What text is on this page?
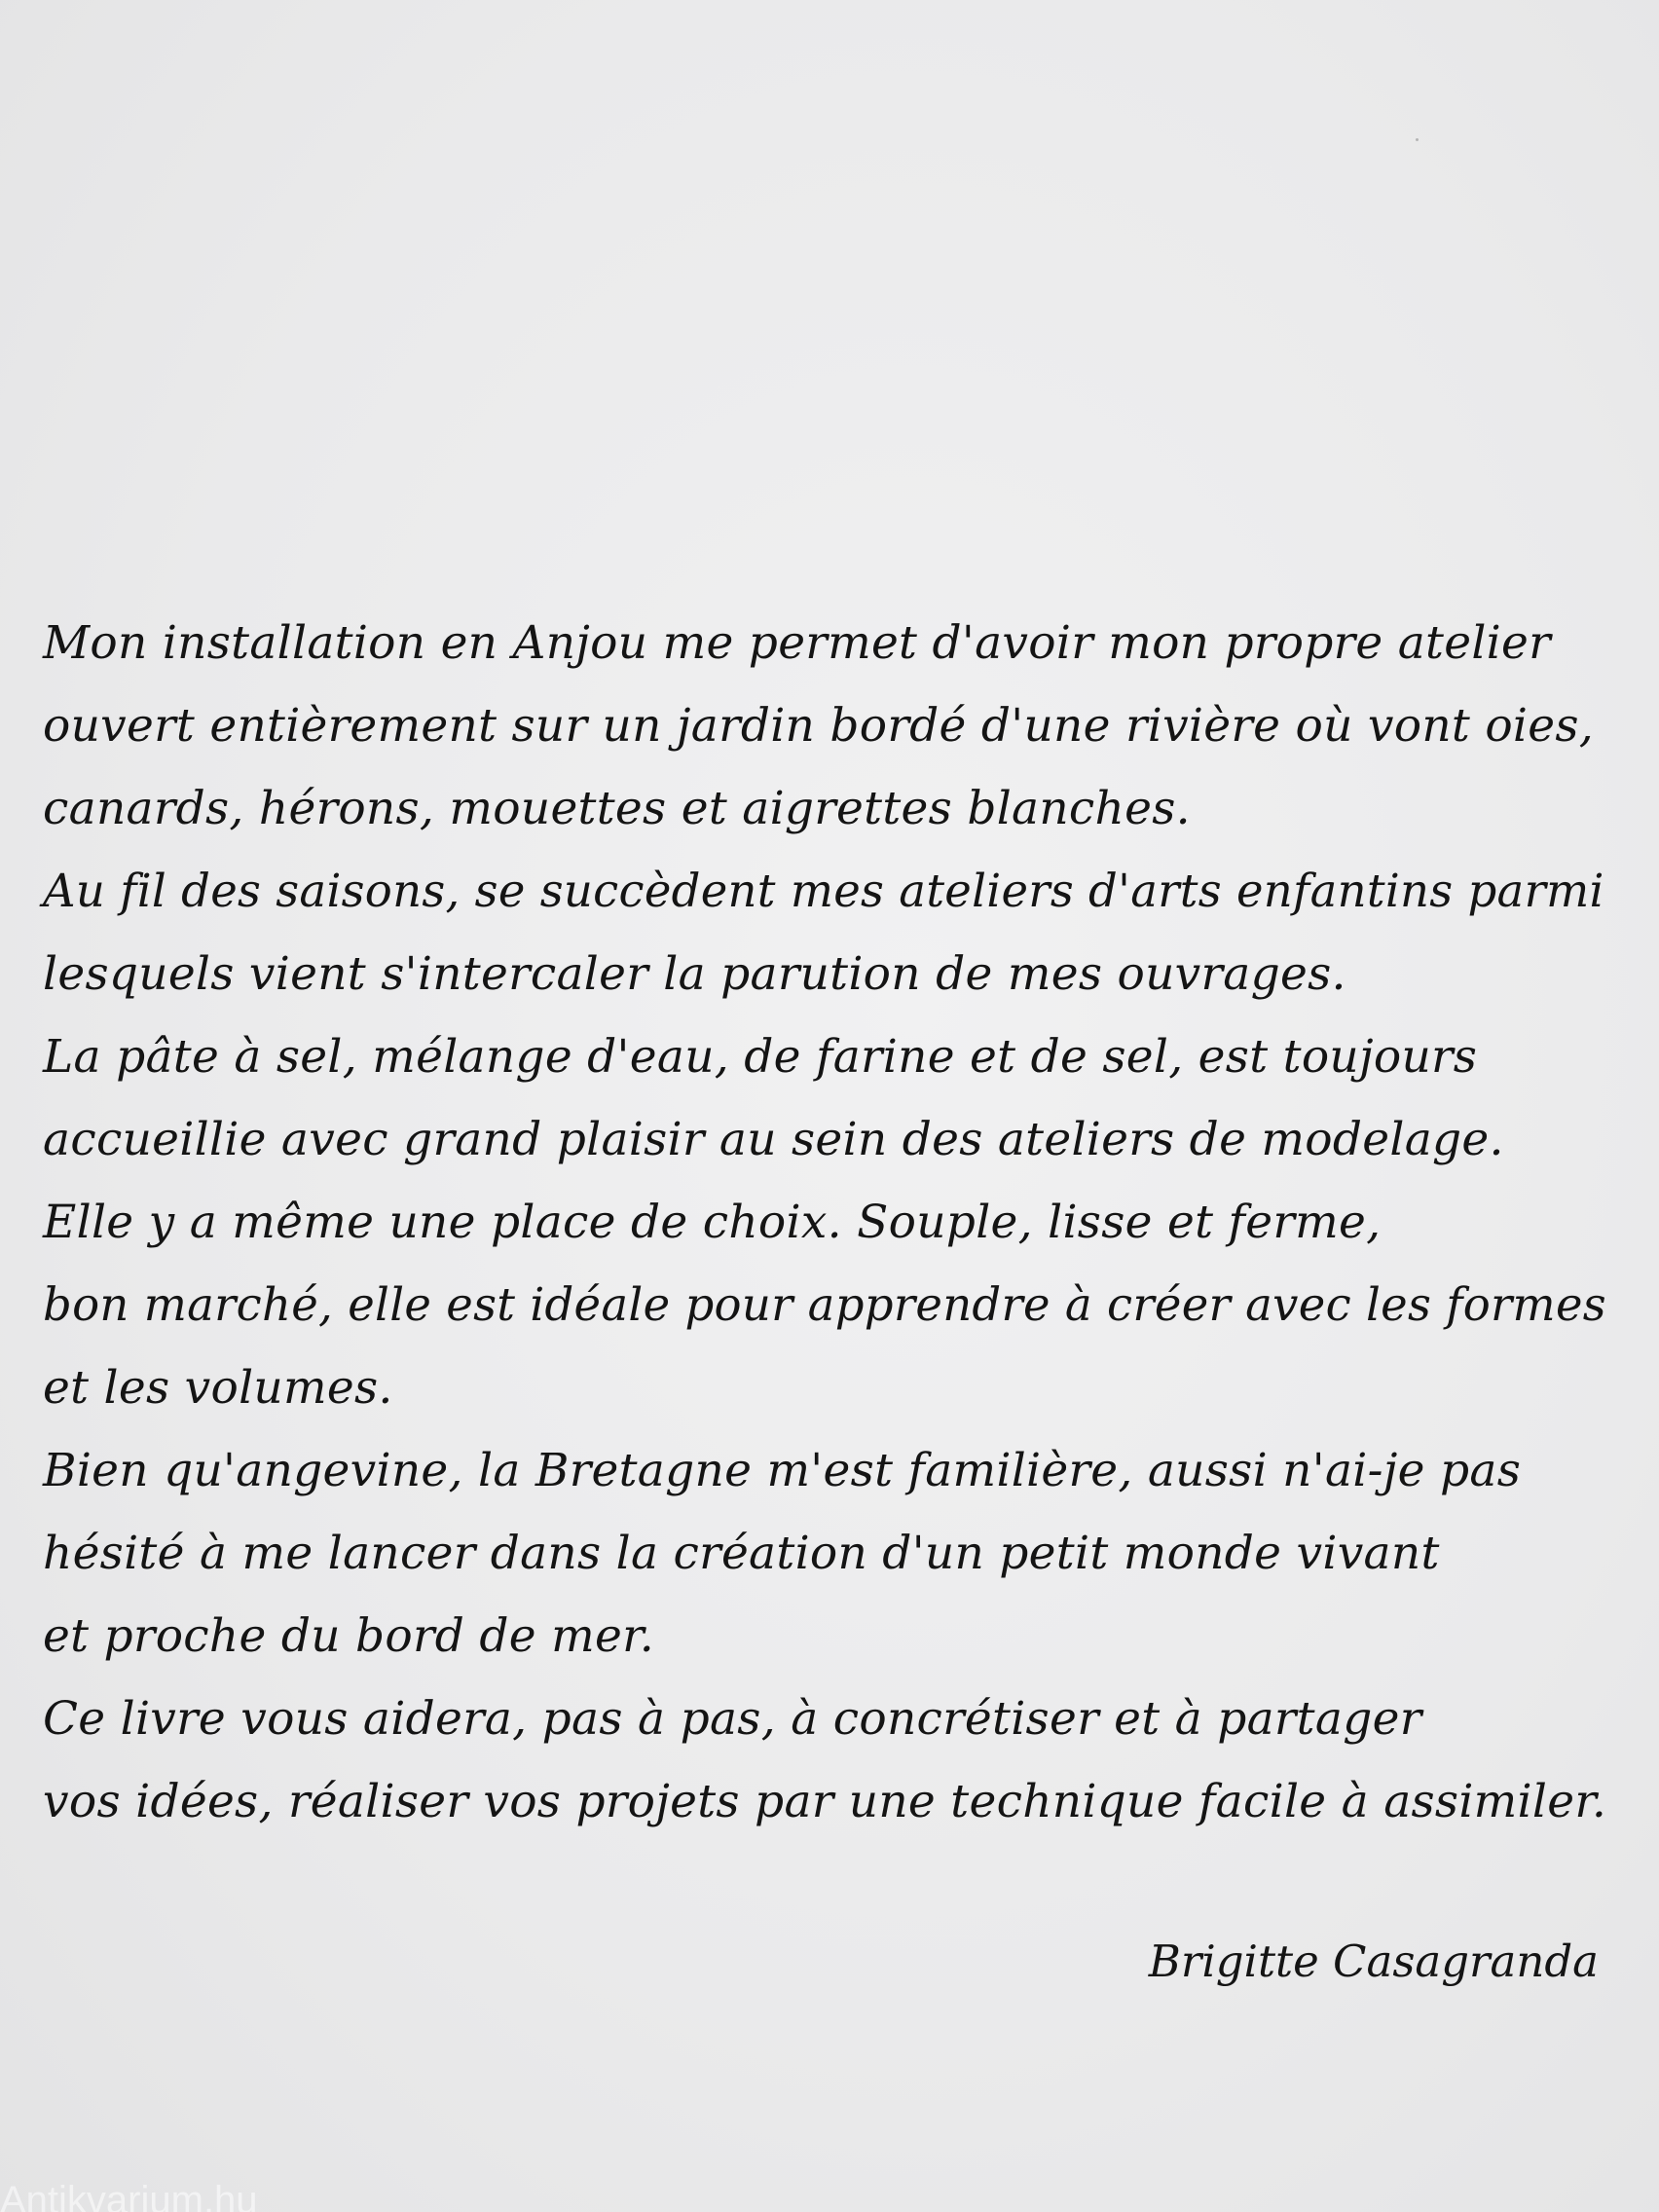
Mon installation en Anjou me permet d'avoir mon propre atelier
ouvert entièrement sur un jardin bordé d'une rivière où vont oies,
canards, hérons, mouettes et aigrettes blanches.
Au fil des saisons, se succèdent mes ateliers d'arts enfantins parmi
lesquels vient s'intercaler la parution de mes ouvrages.
La pâte à sel, mélange d'eau, de farine et de sel, est toujours
accueillie avec grand plaisir au sein des ateliers de modelage.
Elle y a même une place de choix. Souple, lisse et ferme,
bon marché, elle est idéale pour apprendre à créer avec les formes
et les volumes.
Bien qu'angevine, la Bretagne m'est familière, aussi n'ai-je pas
hésité à me lancer dans la création d'un petit monde vivant
et proche du bord de mer.
Ce livre vous aidera, pas à pas, à concrétiser et à partager
vos idées, réaliser vos projets par une technique facile à assimiler.
Brigitte Casagranda
Antikvarium.hu
